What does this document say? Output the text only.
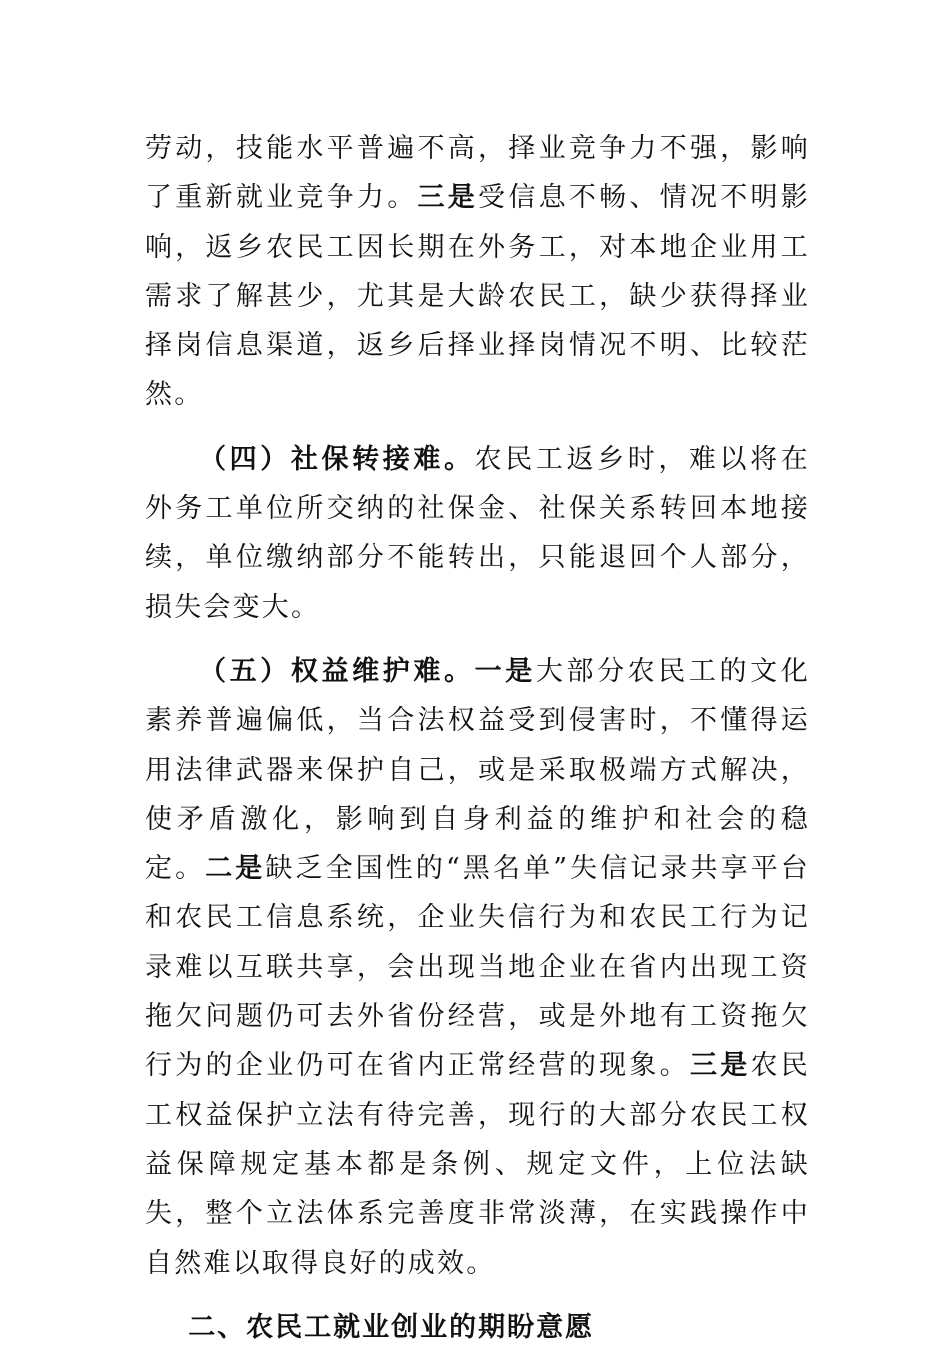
劳动，技能水平普遍不高，择业竞争力不强，影响了重新就业竞争力。三是受信息不畅、情况不明影响，返乡农民工因长期在外务工，对本地企业用工需求了解甚少，尤其是大龄农民工，缺少获得择业择岗信息渠道，返乡后择业择岗情况不明、比较茫然。

（四）社保转接难。农民工返乡时，难以将在外务工单位所交纳的社保金、社保关系转回本地接续，单位缴纳部分不能转出，只能退回个人部分，损失会变大。

（五）权益维护难。一是大部分农民工的文化素养普遍偏低，当合法权益受到侵害时，不懂得运用法律武器来保护自己，或是采取极端方式解决，使矛盾激化，影响到自身利益的维护和社会的稳定。二是缺乏全国性的“黑名单”失信记录共享平台和农民工信息系统，企业失信行为和农民工行为记录难以互联共享，会出现当地企业在省内出现工资拖欠问题仍可去外省份经营，或是外地有工资拖欠行为的企业仍可在省内正常经营的现象。三是农民工权益保护立法有待完善，现行的大部分农民工权益保障规定基本都是条例、规定文件，上位法缺失，整个立法体系完善度非常淡薄，在实践操作中自然难以取得良好的成效。

二、农民工就业创业的期盼意愿
